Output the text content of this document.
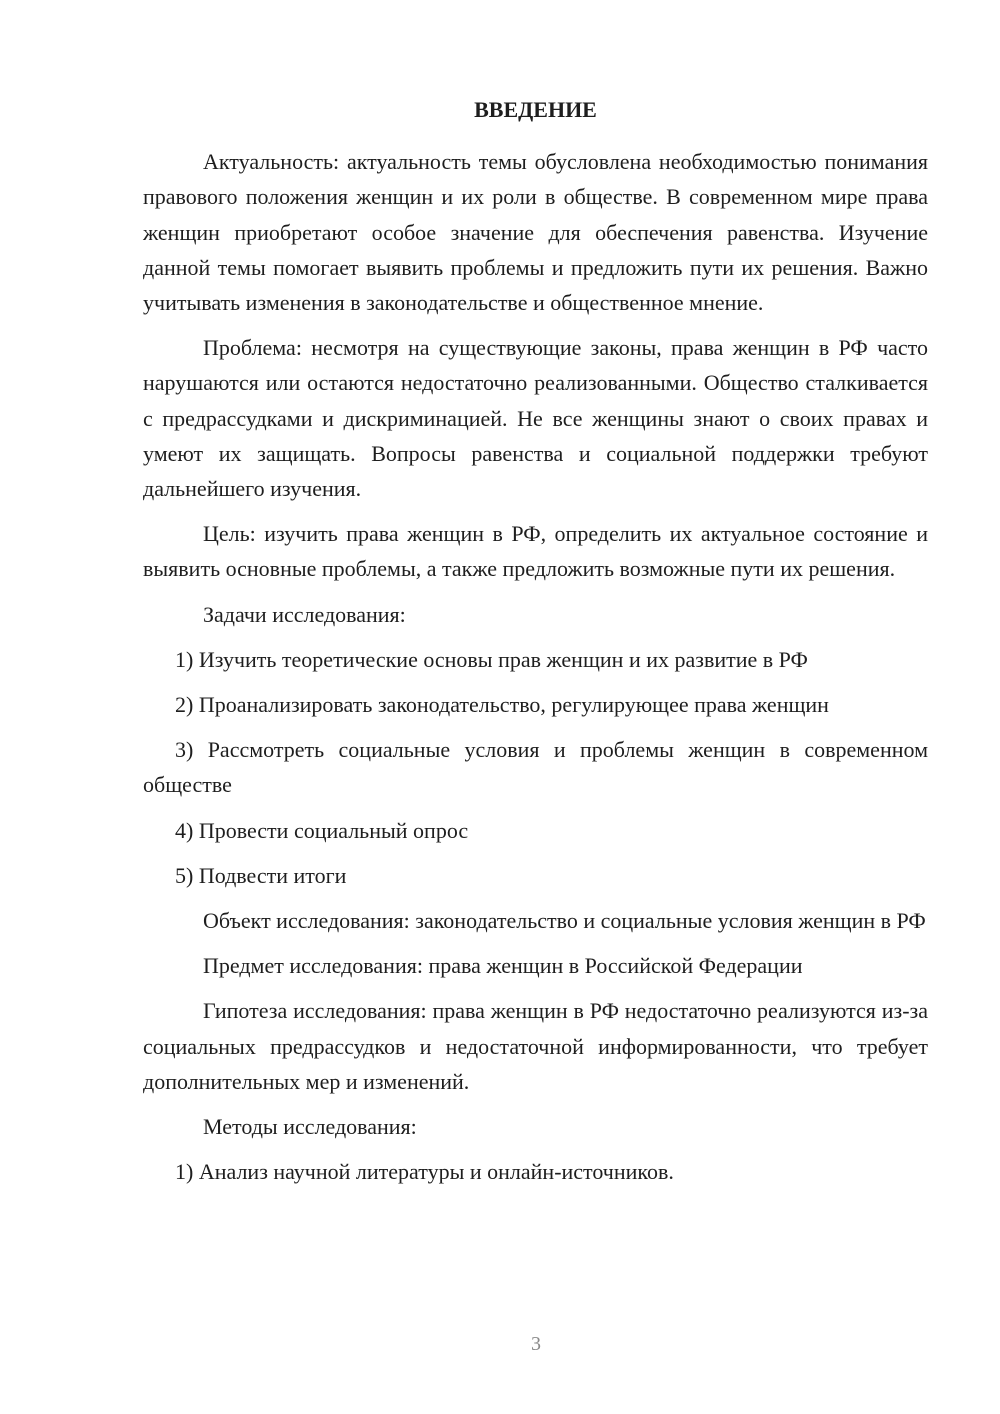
ВВЕДЕНИЕ

Актуальность: актуальность темы обусловлена необходимостью понимания правового положения женщин и их роли в обществе. В современном мире права женщин приобретают особое значение для обеспечения равенства. Изучение данной темы помогает выявить проблемы и предложить пути их решения. Важно учитывать изменения в законодательстве и общественное мнение.

Проблема: несмотря на существующие законы, права женщин в РФ часто нарушаются или остаются недостаточно реализованными. Общество сталкивается с предрассудками и дискриминацией. Не все женщины знают о своих правах и умеют их защищать. Вопросы равенства и социальной поддержки требуют дальнейшего изучения.

Цель: изучить права женщин в РФ, определить их актуальное состояние и выявить основные проблемы, а также предложить возможные пути их решения.

Задачи исследования:

1) Изучить теоретические основы прав женщин и их развитие в РФ

2) Проанализировать законодательство, регулирующее права женщин

3) Рассмотреть социальные условия и проблемы женщин в современном обществе

4) Провести социальный опрос

5) Подвести итоги

Объект исследования: законодательство и социальные условия женщин в РФ

Предмет исследования: права женщин в Российской Федерации

Гипотеза исследования: права женщин в РФ недостаточно реализуются из-за социальных предрассудков и недостаточной информированности, что требует дополнительных мер и изменений.

Методы исследования:

1) Анализ научной литературы и онлайн-источников.

3
